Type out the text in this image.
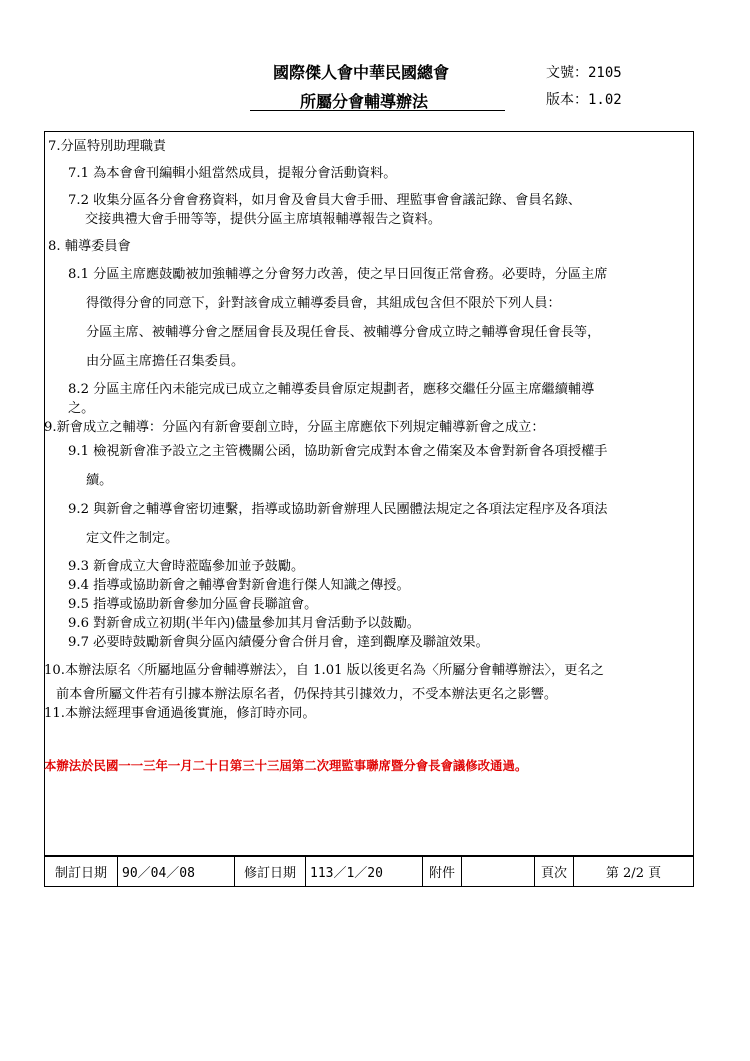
國際傑人會中華民國總會
所屬分會輔導辦法
文號：2105
版本：1.02
7.分區特別助理職責
7.1 為本會會刊編輯小組當然成員，提報分會活動資料。
7.2 收集分區各分會會務資料，如月會及會員大會手冊、理監事會會議記錄、會員名錄、
交接典禮大會手冊等等，提供分區主席填報輔導報告之資料。
8. 輔導委員會
8.1 分區主席應鼓勵被加強輔導之分會努力改善，使之早日回復正常會務。必要時，分區主席
得徵得分會的同意下，針對該會成立輔導委員會，其組成包含但不限於下列人員：
分區主席、被輔導分會之歷屆會長及現任會長、被輔導分會成立時之輔導會現任會長等，
由分區主席擔任召集委員。
8.2 分區主席任內未能完成已成立之輔導委員會原定規劃者，應移交繼任分區主席繼續輔導
之。
9.新會成立之輔導：分區內有新會要創立時，分區主席應依下列規定輔導新會之成立：
9.1 檢視新會准予設立之主管機關公函，協助新會完成對本會之備案及本會對新會各項授權手
續。
9.2 與新會之輔導會密切連繫，指導或協助新會辦理人民團體法規定之各項法定程序及各項法
定文件之制定。
9.3 新會成立大會時蒞臨參加並予鼓勵。
9.4 指導或協助新會之輔導會對新會進行傑人知識之傳授。
9.5 指導或協助新會參加分區會長聯誼會。
9.6 對新會成立初期(半年內)儘量參加其月會活動予以鼓勵。
9.7 必要時鼓勵新會與分區內績優分會合併月會，達到觀摩及聯誼效果。
10.本辦法原名〈所屬地區分會輔導辦法〉，自 1.01 版以後更名為〈所屬分會輔導辦法〉，更名之
前本會所屬文件若有引據本辦法原名者，仍保持其引據效力，不受本辦法更名之影響。
11.本辦法經理事會通過後實施，修訂時亦同。
本辦法於民國一一三年一月二十日第三十三屆第二次理監事聯席暨分會長會議修改通過。
制訂日期	90／04／08	修訂日期	113／1／20	附件		頁次	第 2/2 頁
